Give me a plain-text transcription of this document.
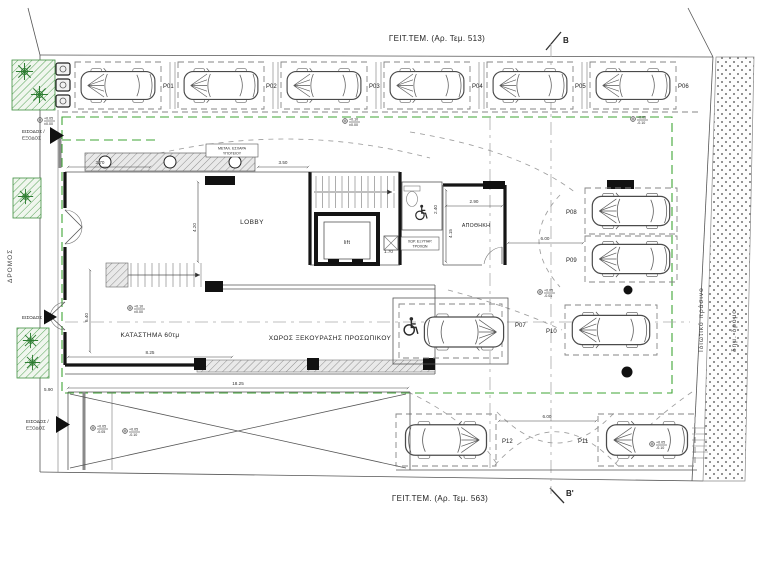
ΓΕΙΤ.ΤΕΜ. (Αρ. Τεμ. 513)
ΓΕΙΤ.ΤΕΜ. (Αρ. Τεμ. 563)
B
B'
ΔΡΟΜΟΣ
Ιδιωτικό πράσινο	δημ. δρόμο
P01	P02	P03	P04	P05	P06
ΜΕΤΑΛ. ΕΣΧΑΡΑ
ΥΠΟΓΕΙΟΥ
LOBBY
lift	ΧΩΡ. ΕΞΥΠΗΡ.
ΤΡΟΧΩΝ
ΑΠΟΘΗΚΗ
ΚΑΤΑΣΤΗΜΑ 60τμ	ΧΩΡΟΣ ΞΕΚΟΥΡΑΣΗΣ ΠΡΟΣΩΠΙΚΟΥ
P07
P08
P09
P10
P12	P11
ΕΙΣΟΔΟΣ /
ΕΞΟΔΟΣ
ΕΙΣΟΔΟΣ
ΕΙΣΟΔΟΣ /
ΕΞΟΔΟΣ
3.70	3.50
4.20
2.90
4.15
2.40
1.70
6.40
8.25
18.25
5.90
6.00
6.00
+0.05
±0.00
+0.10
±0.00
+0.05
-0.10
+0.10
±0.00
+0.05
-0.05
+0.05
-0.10
+0.05
-0.10
+0.05
-0.05
